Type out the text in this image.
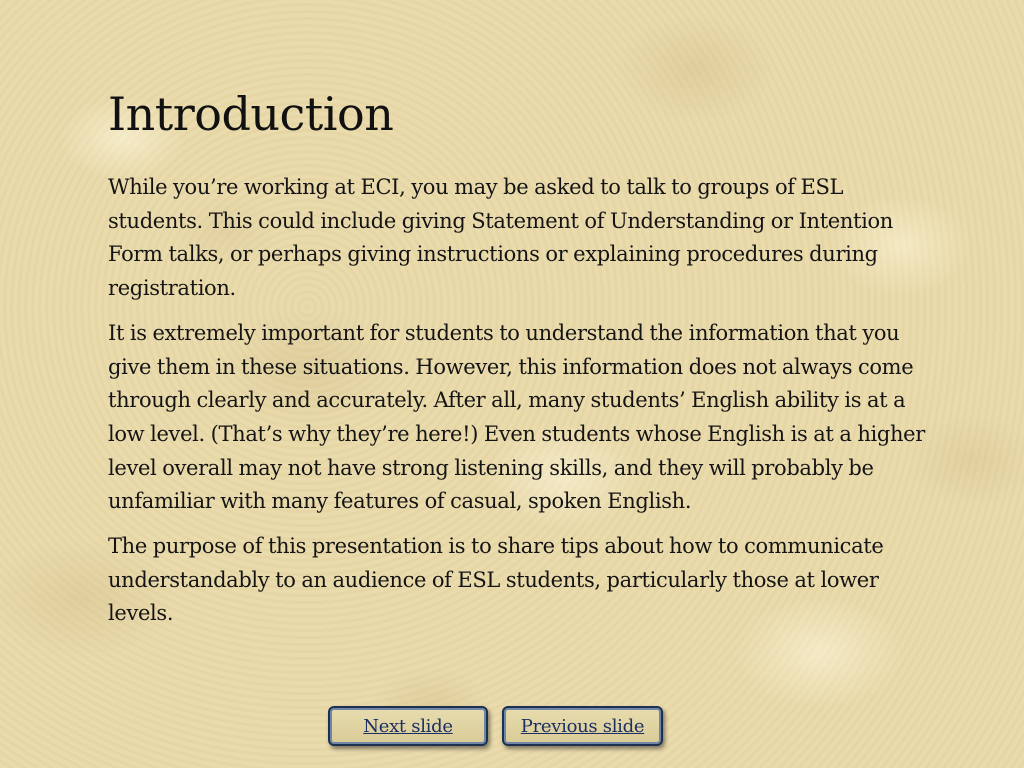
Introduction

While you’re working at ECI, you may be asked to talk to groups of ESL students. This could include giving Statement of Understanding or Intention Form talks, or perhaps giving instructions or explaining procedures during registration.

It is extremely important for students to understand the information that you give them in these situations. However, this information does not always come through clearly and accurately. After all, many students’ English ability is at a low level. (That’s why they’re here!) Even students whose English is at a higher level overall may not have strong listening skills, and they will probably be unfamiliar with many features of casual, spoken English.

The purpose of this presentation is to share tips about how to communicate understandably to an audience of ESL students, particularly those at lower levels.

Next slide	Previous slide
